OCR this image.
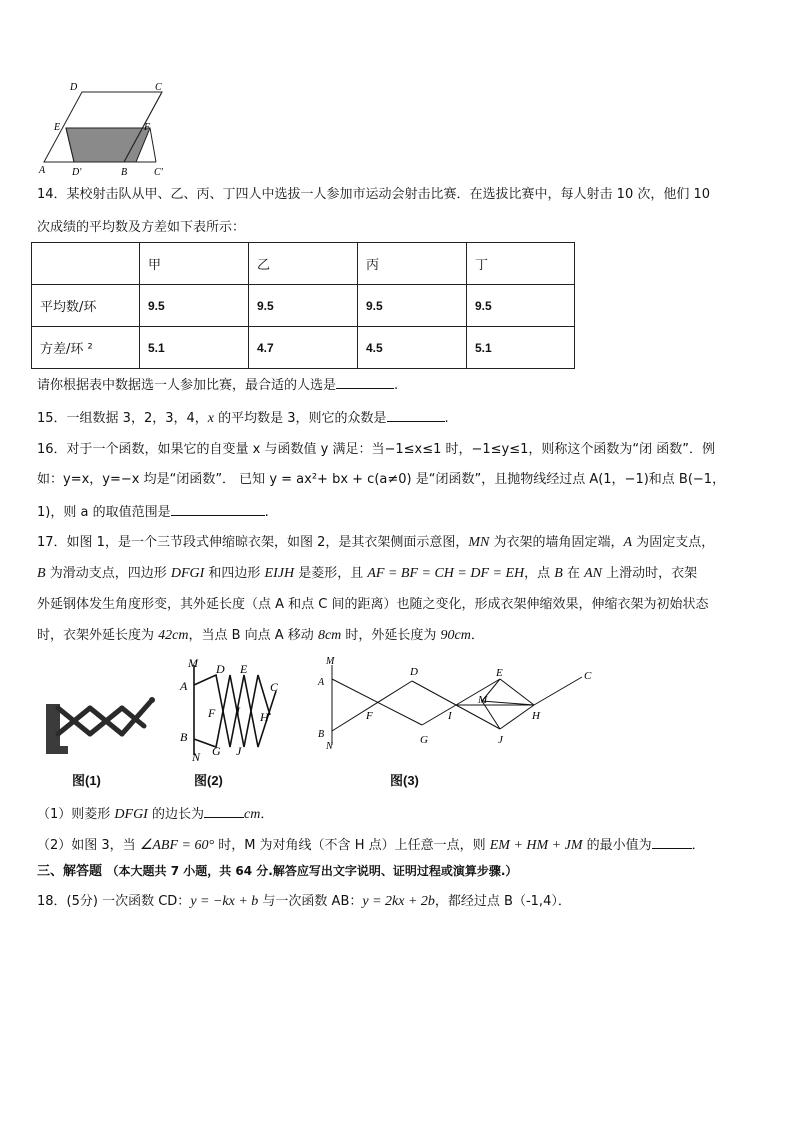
D	C
E	F
A	D'	B	C'
14．某校射击队从甲、乙、丙、丁四人中选拔一人参加市运动会射击比赛．在选拔比赛中，每人射击 10 次，他们 10
次成绩的平均数及方差如下表所示：
	甲	乙	丙	丁
平均数/环	9.5	9.5	9.5	9.5
方差/环 ²	5.1	4.7	4.5	5.1
请你根据表中数据选一人参加比赛，最合适的人选是	.
15．一组数据 3，2，3，4，x 的平均数是 3，则它的众数是	.
16．对于一个函数，如果它的自变量 x 与函数值 y 满足：当−1≤x≤1 时，−1≤y≤1，则称这个函数为“闭 函数”．例
如：y=x，y=−x 均是“闭函数”． 已知 y = ax²+ bx + c(a≠0) 是“闭函数”，且抛物线经过点 A(1，−1)和点 B(−1，
1)，则 a 的取值范围是	.
17．如图 1，是一个三节段式伸缩晾衣架，如图 2，是其衣架侧面示意图，MN 为衣架的墙角固定端，A 为固定支点，
B 为滑动支点，四边形 DFGI 和四边形 EIJH 是菱形，且 AF = BF = CH = DF = EH，点 B 在 AN 上滑动时，衣架
外延钢体发生角度形变，其外延长度（点 A 和点 C 间的距离）也随之变化，形成衣架伸缩效果，伸缩衣架为初始状态
时，衣架外延长度为 42cm，当点 B 向点 A 移动 8cm 时，外延长度为 90cm．
M D E
A	C
F I H
B
G J
N
M
D	E	C
A
M
F	I	H
B
N
G	J
图(1)	图(2)	图(3)
（1）则菱形 DFGI 的边长为	cm．
（2）如图 3，当 ∠ABF = 60° 时，M 为对角线（不含 H 点）上任意一点，则 EM + HM + JM 的最小值为	．
三、解答题 （本大题共 7 小题，共 64 分.解答应写出文字说明、证明过程或演算步骤.）
18．(5分) 一次函数 CD：y = −kx + b 与一次函数 AB：y = 2kx + 2b，都经过点 B（-1,4）．
